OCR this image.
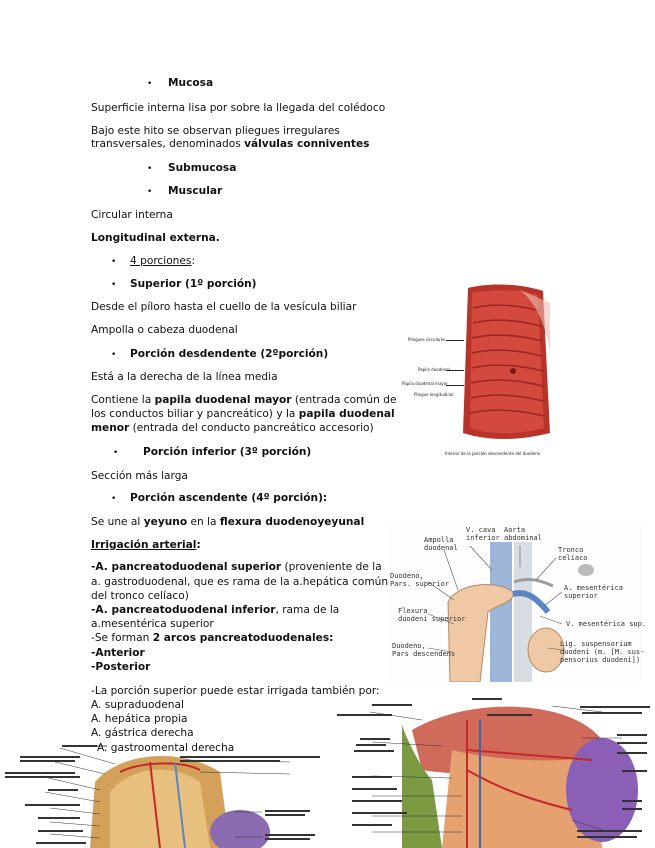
• Mucosa
Superficie interna lisa por sobre la llegada del colédoco
Bajo este hito se observan pliegues irregulares
transversales, denominados válvulas conniventes
• Submucosa
• Muscular
Circular interna
Longitudinal externa.
• 4 porciones:
• Superior (1º porción)
Desde el píloro hasta el cuello de la vesícula biliar
Ampolla o cabeza duodenal
• Porción desdendente (2ºporción)
Está a la derecha de la línea media
Contiene la papila duodenal mayor (entrada común de
los conductos biliar y pancreático) y la papila duodenal
menor (entrada del conducto pancreático accesorio)
• Porción inferior (3º porción)
Sección más larga
• Porción ascendente (4º porción):
Se une al yeyuno en la flexura duodenoyeyunal
Irrigación arterial:
-A. pancreatoduodenal superior (proveniente de la
a. gastroduodenal, que es rama de la a.hepática común
del tronco celíaco)
-A. pancreatoduodenal inferior, rama de la
a.mesentérica superior
-Se forman 2 arcos pancreatoduodenales:
-Anterior
-Posterior
-La porción superior puede estar irrigada también por:
A. supraduodenal
A. hepática propia
A. gástrica derecha
Pliegues circulares
Papila duodenal
Papila duodenal mayor
Pliegue longitudinal
Interior de la porción descendente del duodeno
Ampolla
duodenal
V. cava
inferior
Aorta
abdominal
Tronco
celíaco
Duodeno,
Pars. superior	A. mesentérica
superior
Flexura
duodeni superior
V. mesentérica sup.
Duodeno,
Pars descendens
Lig. suspensorium
duodeni (m. [M. sus-
pensorius duodeni])
A. gastroomental derecha
